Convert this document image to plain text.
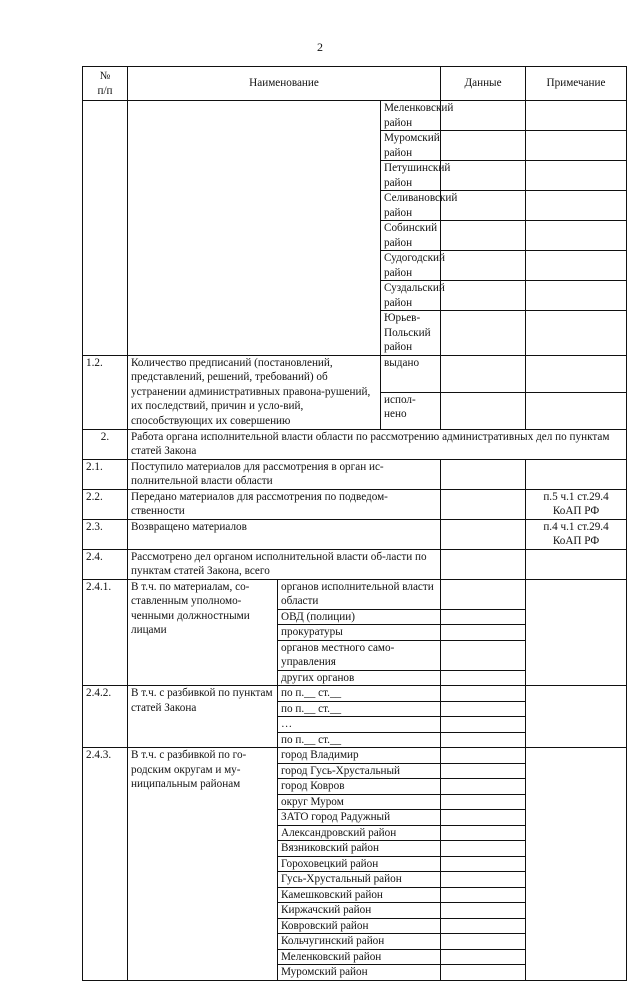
2
№
п/п	Наименование			Данные	Примечание
			Меленковский район		
			Муромский район		
			Петушинский район		
			Селивановский район		
			Собинский район		
			Судогодский район		
			Суздальский район		
			Юрьев-Польский район		
1.2.	Количество предписаний (постановлений, представлений, решений, требований) об устранении административных правона-рушений, их последствий, причин и усло-вий, способствующих их совершению		выдано		
			испол-нено		
2.	Работа органа исполнительной власти области по рассмотрению административных дел по пунктам статей Закона				
2.1.	Поступило материалов для рассмотрения в орган ис-полнительной власти области				
2.2.	Передано материалов для рассмотрения по подведом-ственности				п.5 ч.1 ст.29.4 КоАП РФ
2.3.	Возвращено материалов				п.4 ч.1 ст.29.4 КоАП РФ
2.4.	Рассмотрено дел органом исполнительной власти об-ласти по пунктам статей Закона, всего				
2.4.1.	В т.ч. по материалам, со-ставленным уполномо-ченными должностными лицами	органов исполнительной власти области			
		ОВД (полиции)			
		прокуратуры			
		органов местного само-управления			
		других органов			
2.4.2.	В т.ч. с разбивкой по пунктам статей Закона	по п.__ ст.__			
		по п.__ ст.__			
		…			
		по п.__ ст.__			
2.4.3.	В т.ч. с разбивкой по го-родским округам и му-ниципальным районам	город Владимир			
		город Гусь-Хрустальный			
		город Ковров			
		округ Муром			
		ЗАТО город Радужный			
		Александровский район			
		Вязниковский район			
		Гороховецкий район			
		Гусь-Хрустальный район			
		Камешковский район			
		Киржачский район			
		Ковровский район			
		Кольчугинский район			
		Меленковский район			
		Муромский район			
